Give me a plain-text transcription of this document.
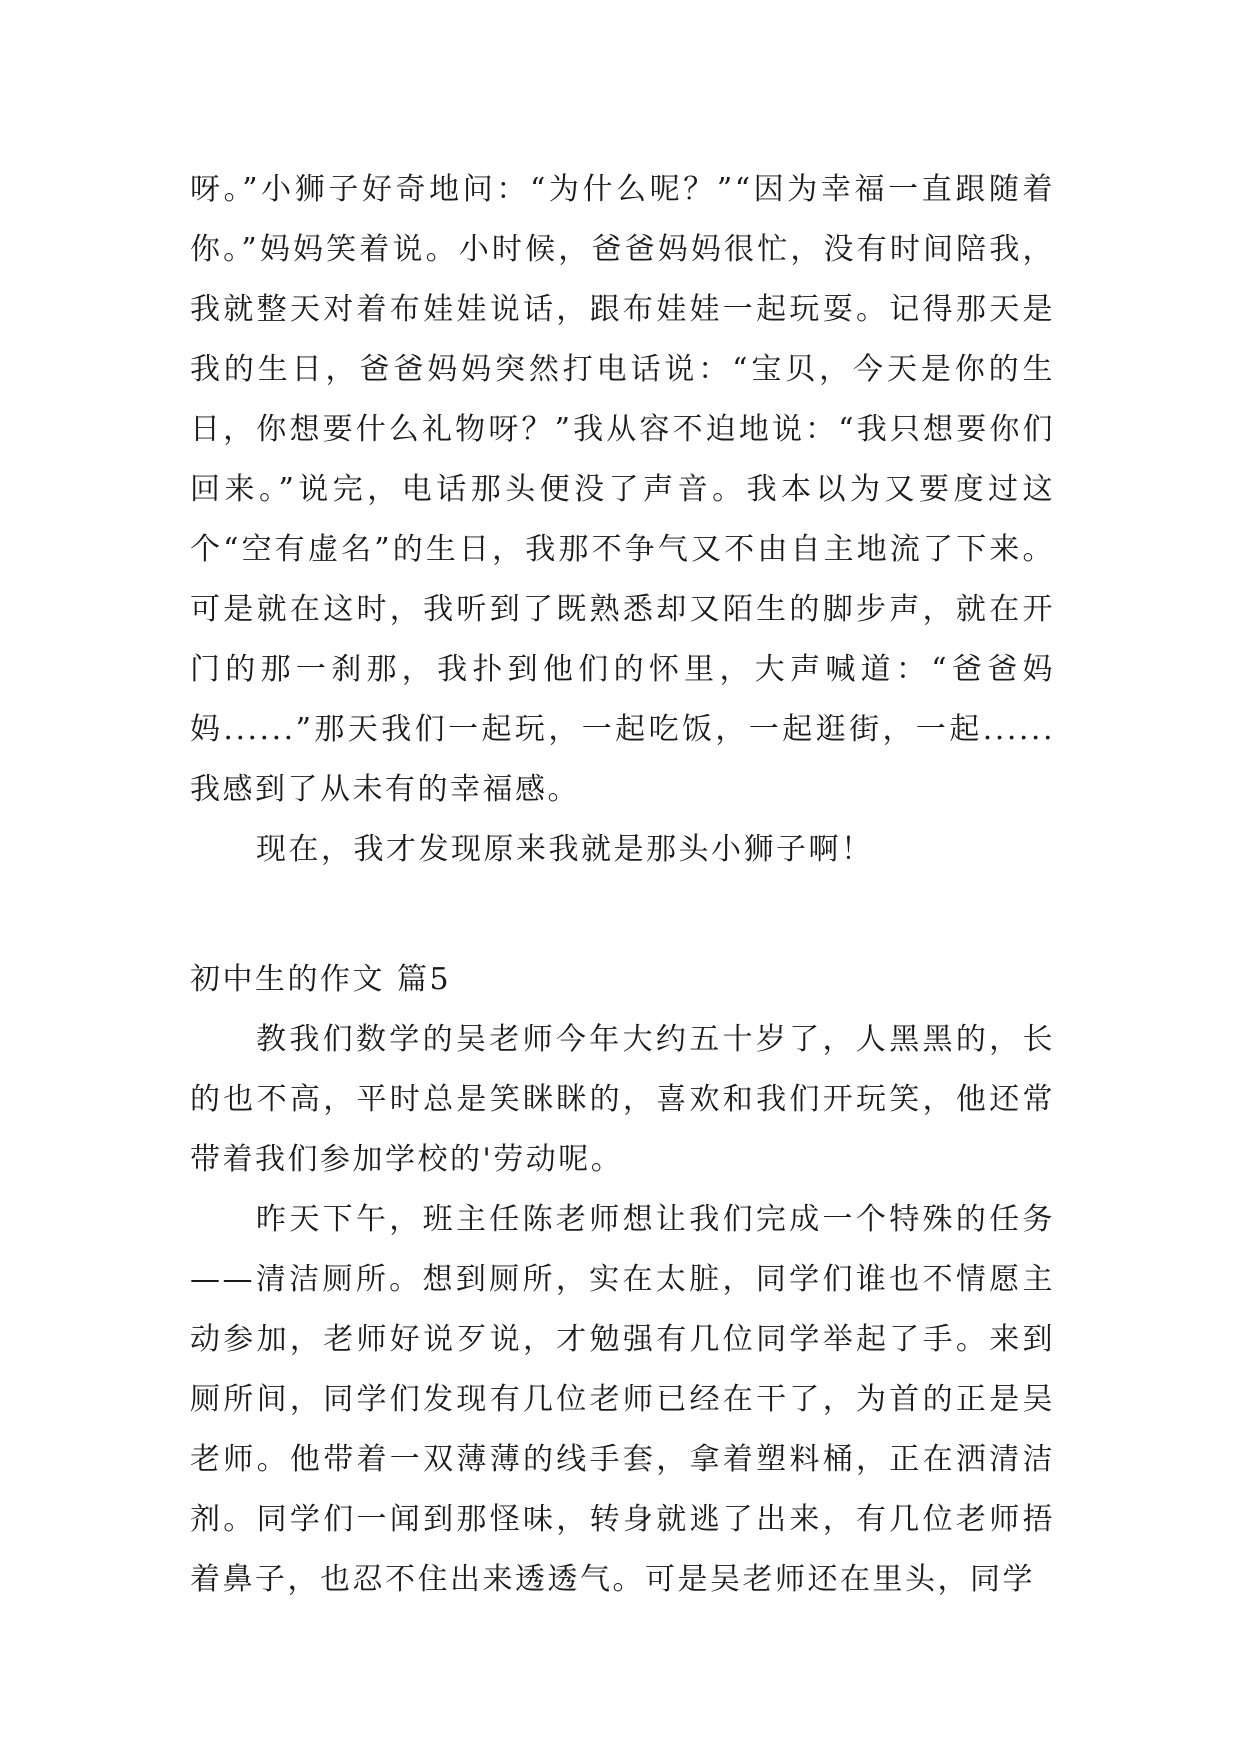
呀。”小狮子好奇地问：“为什么呢？”“因为幸福一直跟随着你。”妈妈笑着说。小时候，爸爸妈妈很忙，没有时间陪我，我就整天对着布娃娃说话，跟布娃娃一起玩耍。记得那天是我的生日，爸爸妈妈突然打电话说：“宝贝，今天是你的生日，你想要什么礼物呀？”我从容不迫地说：“我只想要你们回来。”说完，电话那头便没了声音。我本以为又要度过这个“空有虚名”的生日，我那不争气又不由自主地流了下来。可是就在这时，我听到了既熟悉却又陌生的脚步声，就在开门的那一刹那，我扑到他们的怀里，大声喊道：“爸爸妈妈......”那天我们一起玩，一起吃饭，一起逛街，一起......我感到了从未有的幸福感。

现在，我才发现原来我就是那头小狮子啊！

初中生的作文 篇5

教我们数学的吴老师今年大约五十岁了，人黑黑的，长的也不高，平时总是笑眯眯的，喜欢和我们开玩笑，他还常带着我们参加学校的'劳动呢。

昨天下午，班主任陈老师想让我们完成一个特殊的任务——清洁厕所。想到厕所，实在太脏，同学们谁也不情愿主动参加，老师好说歹说，才勉强有几位同学举起了手。来到厕所间，同学们发现有几位老师已经在干了，为首的正是吴老师。他带着一双薄薄的线手套，拿着塑料桶，正在洒清洁剂。同学们一闻到那怪味，转身就逃了出来，有几位老师捂着鼻子，也忍不住出来透透气。可是吴老师还在里头，同学
